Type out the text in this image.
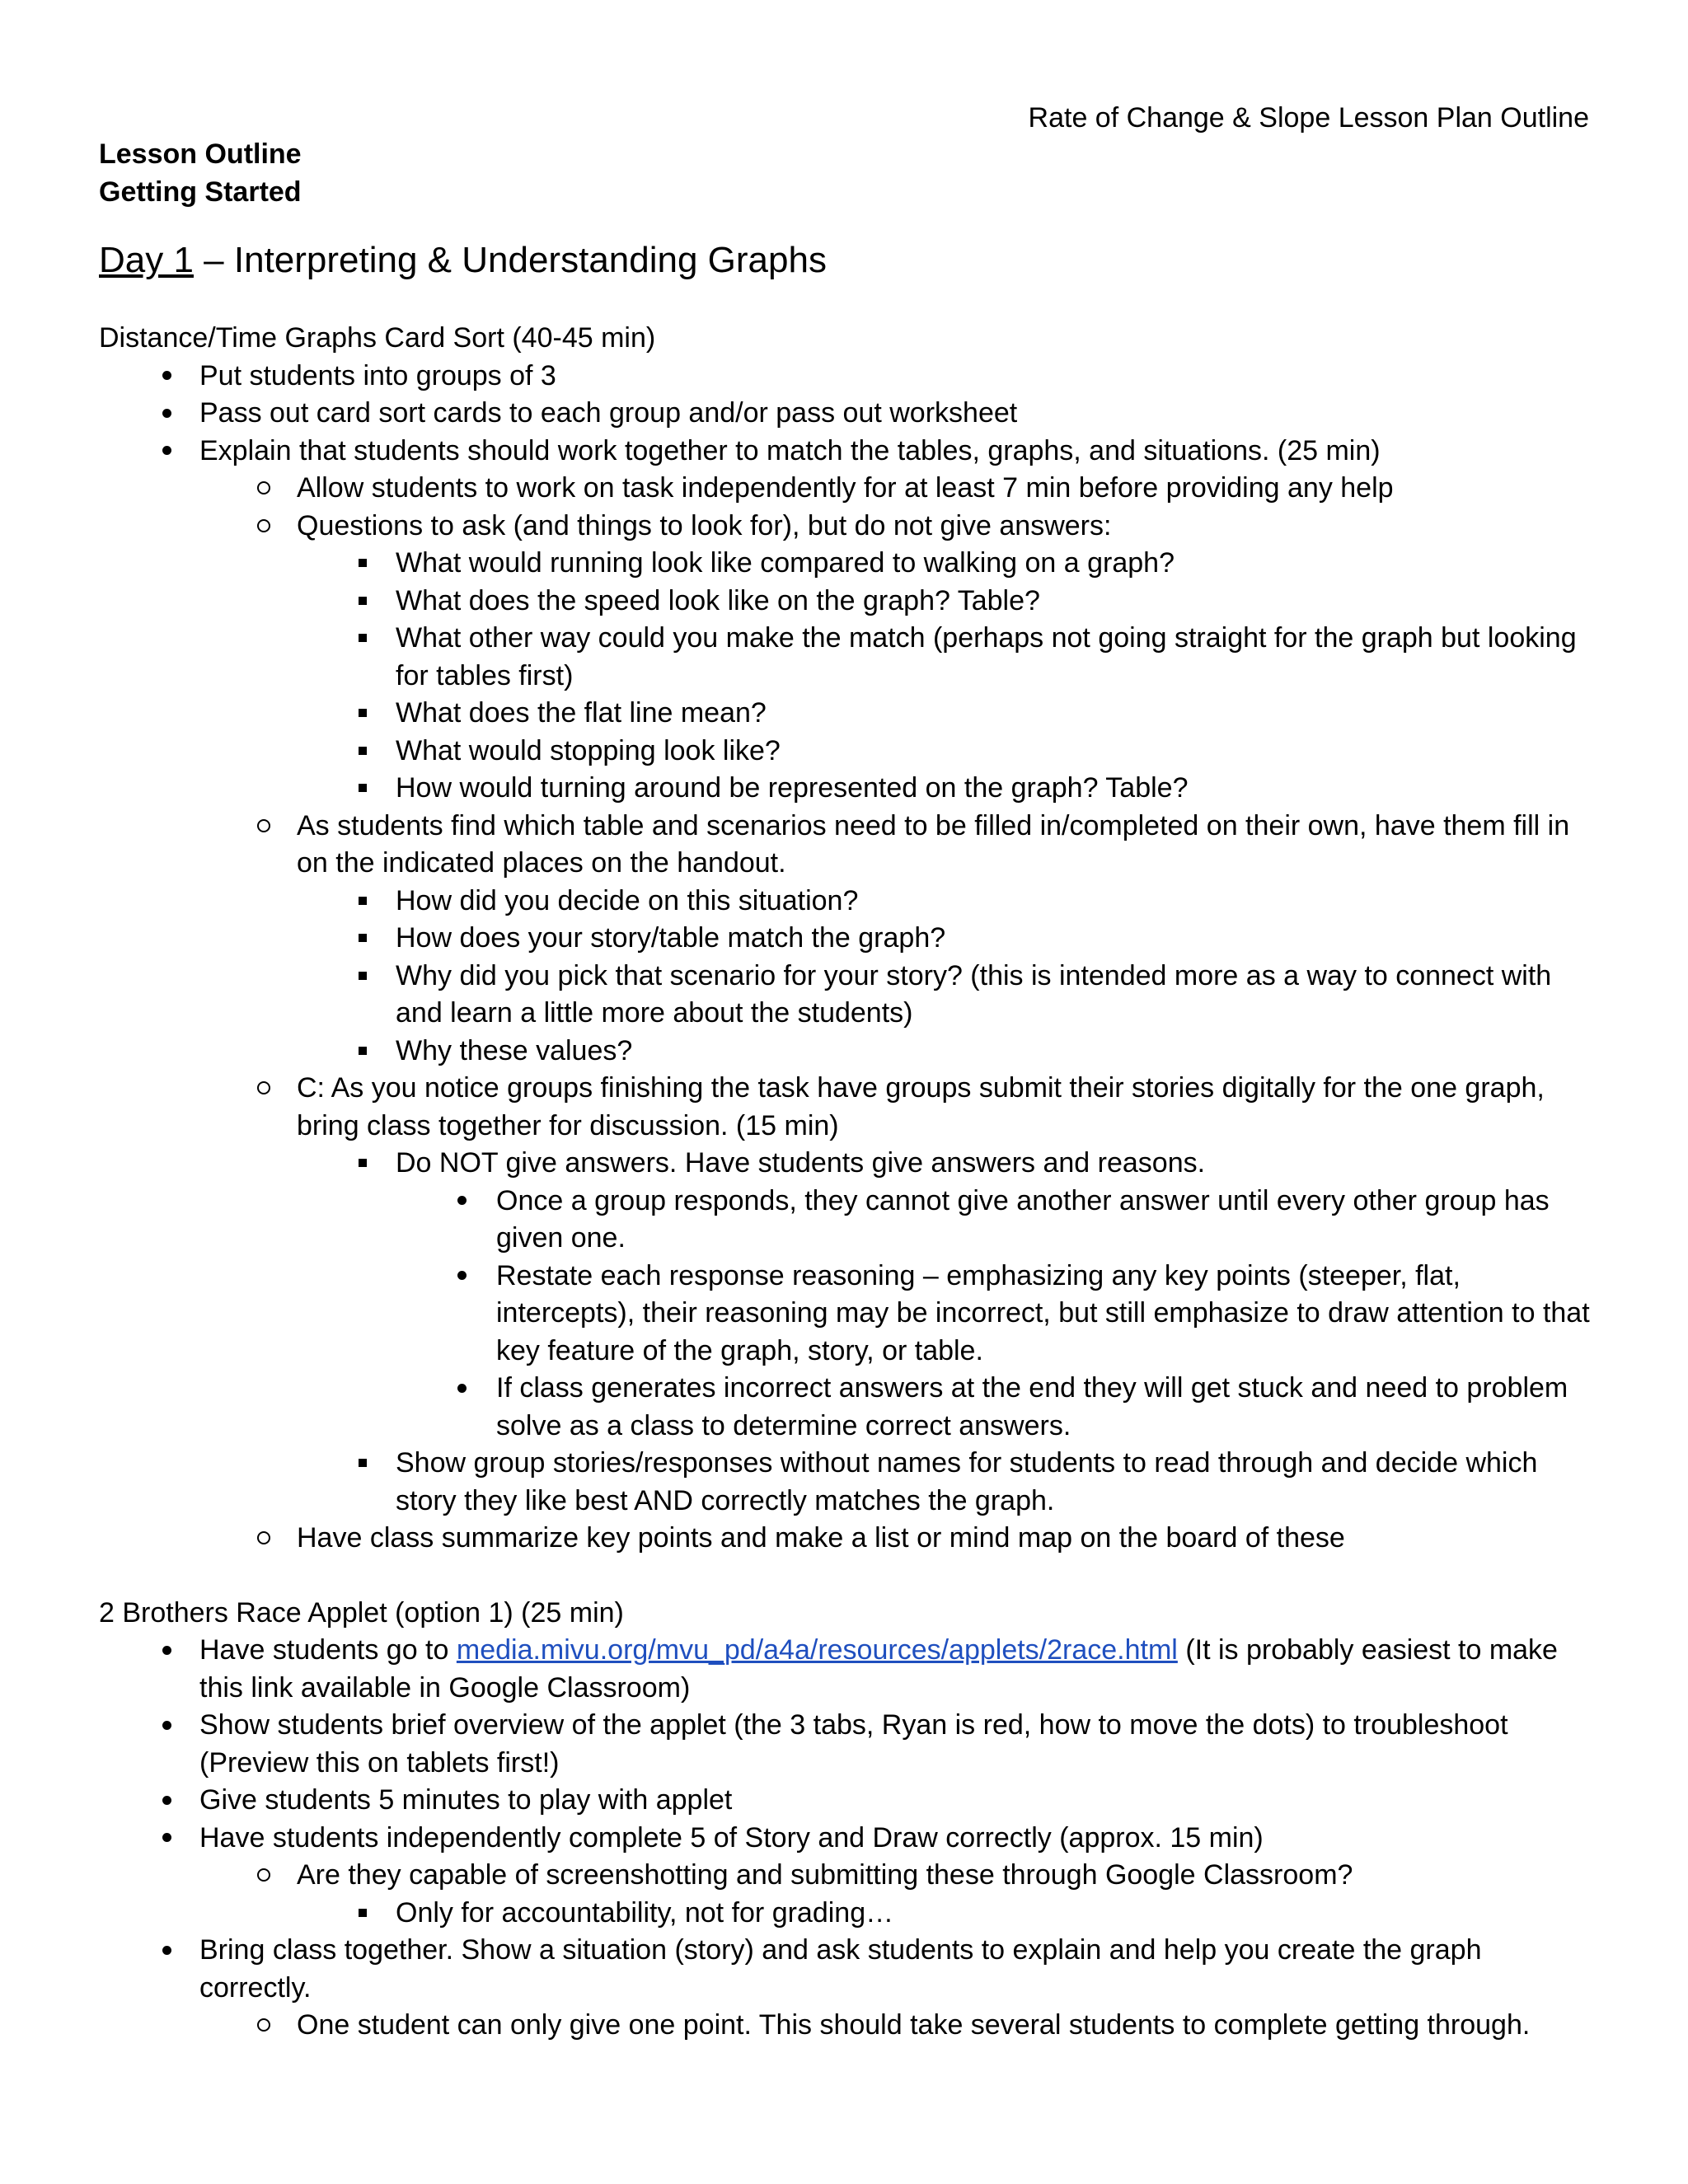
Rate of Change & Slope Lesson Plan Outline
Lesson Outline
Getting Started
Day 1 – Interpreting & Understanding Graphs
Distance/Time Graphs Card Sort (40-45 min)
Put students into groups of 3
Pass out card sort cards to each group and/or pass out worksheet
Explain that students should work together to match the tables, graphs, and situations. (25 min)
Allow students to work on task independently for at least 7 min before providing any help
Questions to ask (and things to look for), but do not give answers:
What would running look like compared to walking on a graph?
What does the speed look like on the graph? Table?
What other way could you make the match (perhaps not going straight for the graph but looking for tables first)
What does the flat line mean?
What would stopping look like?
How would turning around be represented on the graph? Table?
As students find which table and scenarios need to be filled in/completed on their own, have them fill in on the indicated places on the handout.
How did you decide on this situation?
How does your story/table match the graph?
Why did you pick that scenario for your story? (this is intended more as a way to connect with and learn a little more about the students)
Why these values?
C: As you notice groups finishing the task have groups submit their stories digitally for the one graph, bring class together for discussion. (15 min)
Do NOT give answers. Have students give answers and reasons.
Once a group responds, they cannot give another answer until every other group has given one.
Restate each response reasoning – emphasizing any key points (steeper, flat, intercepts), their reasoning may be incorrect, but still emphasize to draw attention to that key feature of the graph, story, or table.
If class generates incorrect answers at the end they will get stuck and need to problem solve as a class to determine correct answers.
Show group stories/responses without names for students to read through and decide which story they like best AND correctly matches the graph.
Have class summarize key points and make a list or mind map on the board of these
2 Brothers Race Applet (option 1) (25 min)
Have students go to media.mivu.org/mvu_pd/a4a/resources/applets/2race.html (It is probably easiest to make this link available in Google Classroom)
Show students brief overview of the applet (the 3 tabs, Ryan is red, how to move the dots) to troubleshoot (Preview this on tablets first!)
Give students 5 minutes to play with applet
Have students independently complete 5 of Story and Draw correctly (approx. 15 min)
Are they capable of screenshotting and submitting these through Google Classroom?
Only for accountability, not for grading…
Bring class together. Show a situation (story) and ask students to explain and help you create the graph correctly.
One student can only give one point. This should take several students to complete getting through.
